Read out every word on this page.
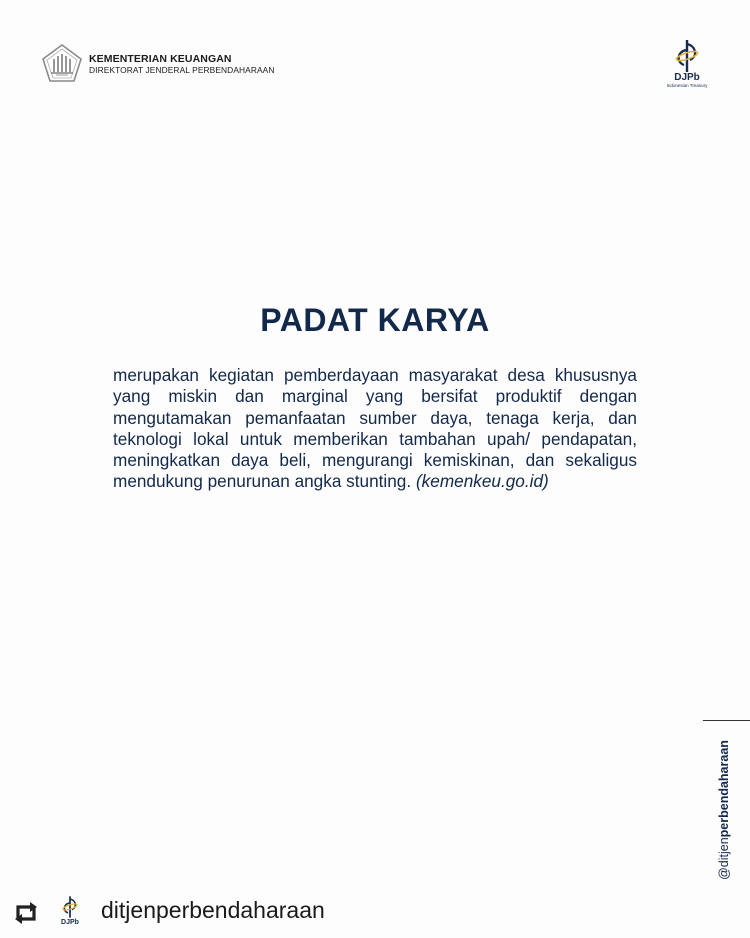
KEMENTERIAN KEUANGAN
DIREKTORAT JENDERAL PERBENDAHARAAN
DJPb
Indonesian Treasury
PADAT KARYA

merupakan kegiatan pemberdayaan masyarakat desa khususnya yang miskin dan marginal yang bersifat produktif dengan mengutamakan pemanfaatan sumber daya, tenaga kerja, dan teknologi lokal untuk memberikan tambahan upah/ pendapatan, meningkatkan daya beli, mengurangi kemiskinan, dan sekaligus mendukung penurunan angka stunting. (kemenkeu.go.id)

@ditjenperbendaharaan
DJPb ditjenperbendaharaan
